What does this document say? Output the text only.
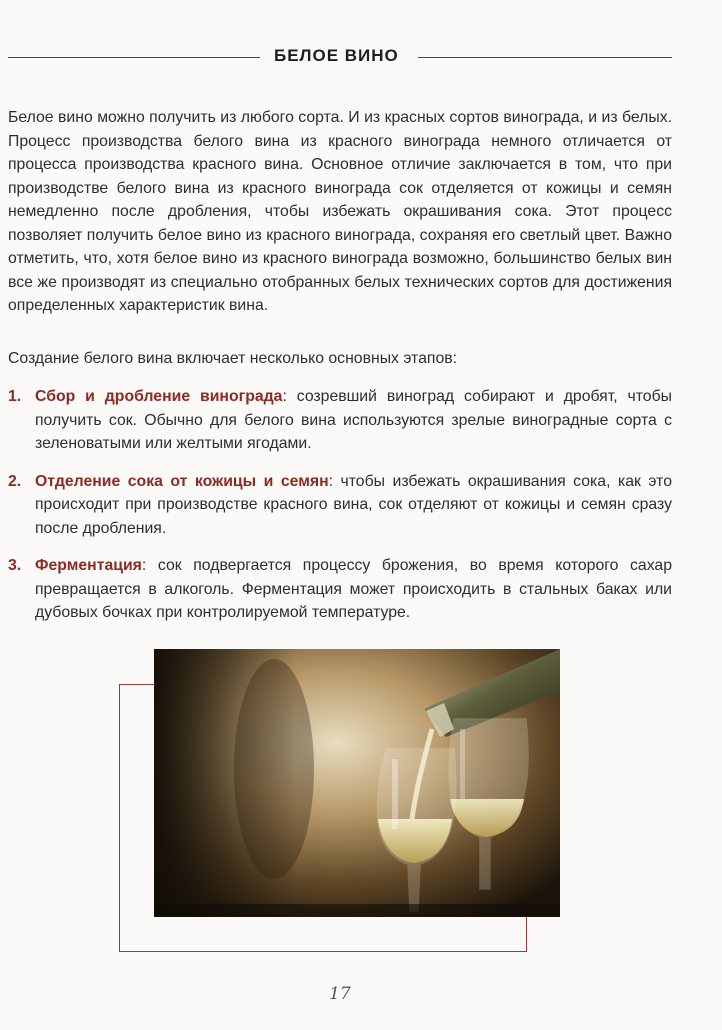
БЕЛОЕ ВИНО

Белое вино можно получить из любого сорта. И из красных сортов винограда, и из белых. Процесс производства белого вина из красного винограда немного отличается от процесса производства красного вина. Основное отличие заключается в том, что при производстве белого вина из красного винограда сок отделяется от кожицы и семян немедленно после дробления, чтобы избежать окрашивания сока. Этот процесс позволяет получить белое вино из красного винограда, сохраняя его светлый цвет. Важно отметить, что, хотя белое вино из красного винограда возможно, большинство белых вин все же производят из специально отобранных белых технических сортов для достижения определенных характеристик вина.

Создание белого вина включает несколько основных этапов:

1. Сбор и дробление винограда: созревший виноград собирают и дробят, чтобы получить сок. Обычно для белого вина используются зрелые виноградные сорта с зеленоватыми или желтыми ягодами.
2. Отделение сока от кожицы и семян: чтобы избежать окрашивания сока, как это происходит при производстве красного вина, сок отделяют от кожицы и семян сразу после дробления.
3. Ферментация: сок подвергается процессу брожения, во время которого сахар превращается в алкоголь. Ферментация может происходить в стальных баках или дубовых бочках при контролируемой температуре.
17
